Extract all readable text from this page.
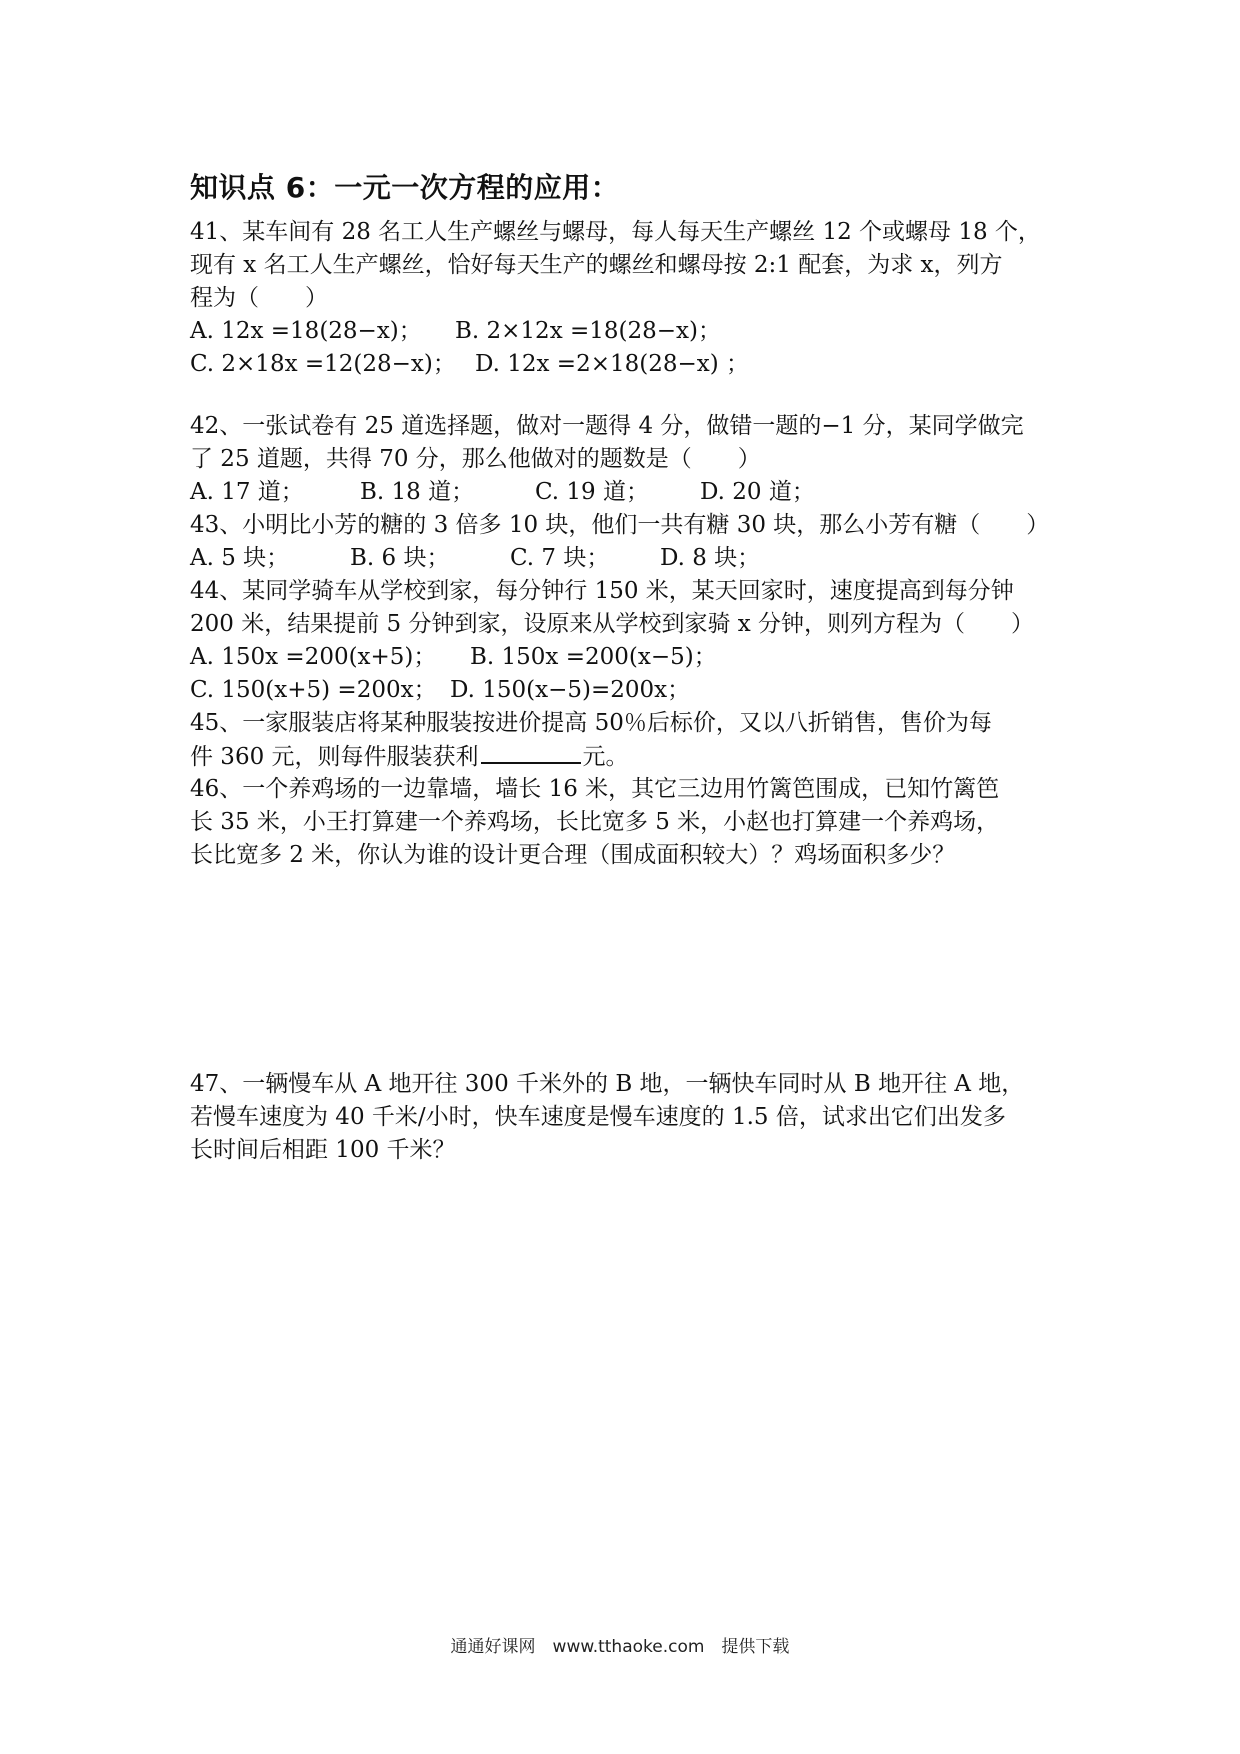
知识点 6：一元一次方程的应用：
41、某车间有 28 名工人生产螺丝与螺母，每人每天生产螺丝 12 个或螺母 18 个，
现有 x 名工人生产螺丝，恰好每天生产的螺丝和螺母按 2:1 配套，为求 x，列方
程为（　　）
A. 12x =18(28−x)； B. 2×12x =18(28−x)；
C. 2×18x =12(28−x)； D. 12x =2×18(28−x) ；
42、一张试卷有 25 道选择题，做对一题得 4 分，做错一题的−1 分，某同学做完
了 25 道题，共得 70 分，那么他做对的题数是（　　）
A. 17 道； B. 18 道；	C. 19 道； D. 20 道；
43、小明比小芳的糖的 3 倍多 10 块，他们一共有糖 30 块，那么小芳有糖（　　）
A. 5 块；	B. 6 块；	C. 7 块； D. 8 块；
44、某同学骑车从学校到家，每分钟行 150 米，某天回家时，速度提高到每分钟
200 米，结果提前 5 分钟到家，设原来从学校到家骑 x 分钟，则列方程为（　　）
A. 150x =200(x+5)； B. 150x =200(x−5)；
C. 150(x+5) =200x； D. 150(x−5)=200x；
45、一家服装店将某种服装按进价提高 50％后标价，又以八折销售，售价为每
件 360 元，则每件服装获利	元。
46、一个养鸡场的一边靠墙，墙长 16 米，其它三边用竹篱笆围成，已知竹篱笆
长 35 米，小王打算建一个养鸡场，长比宽多 5 米，小赵也打算建一个养鸡场，
长比宽多 2 米，你认为谁的设计更合理（围成面积较大）？鸡场面积多少？
47、一辆慢车从 A 地开往 300 千米外的 B 地，一辆快车同时从 B 地开往 A 地，
若慢车速度为 40 千米/小时，快车速度是慢车速度的 1.5 倍，试求出它们出发多
长时间后相距 100 千米？
通通好课网　www.tthaoke.com　提供下载
